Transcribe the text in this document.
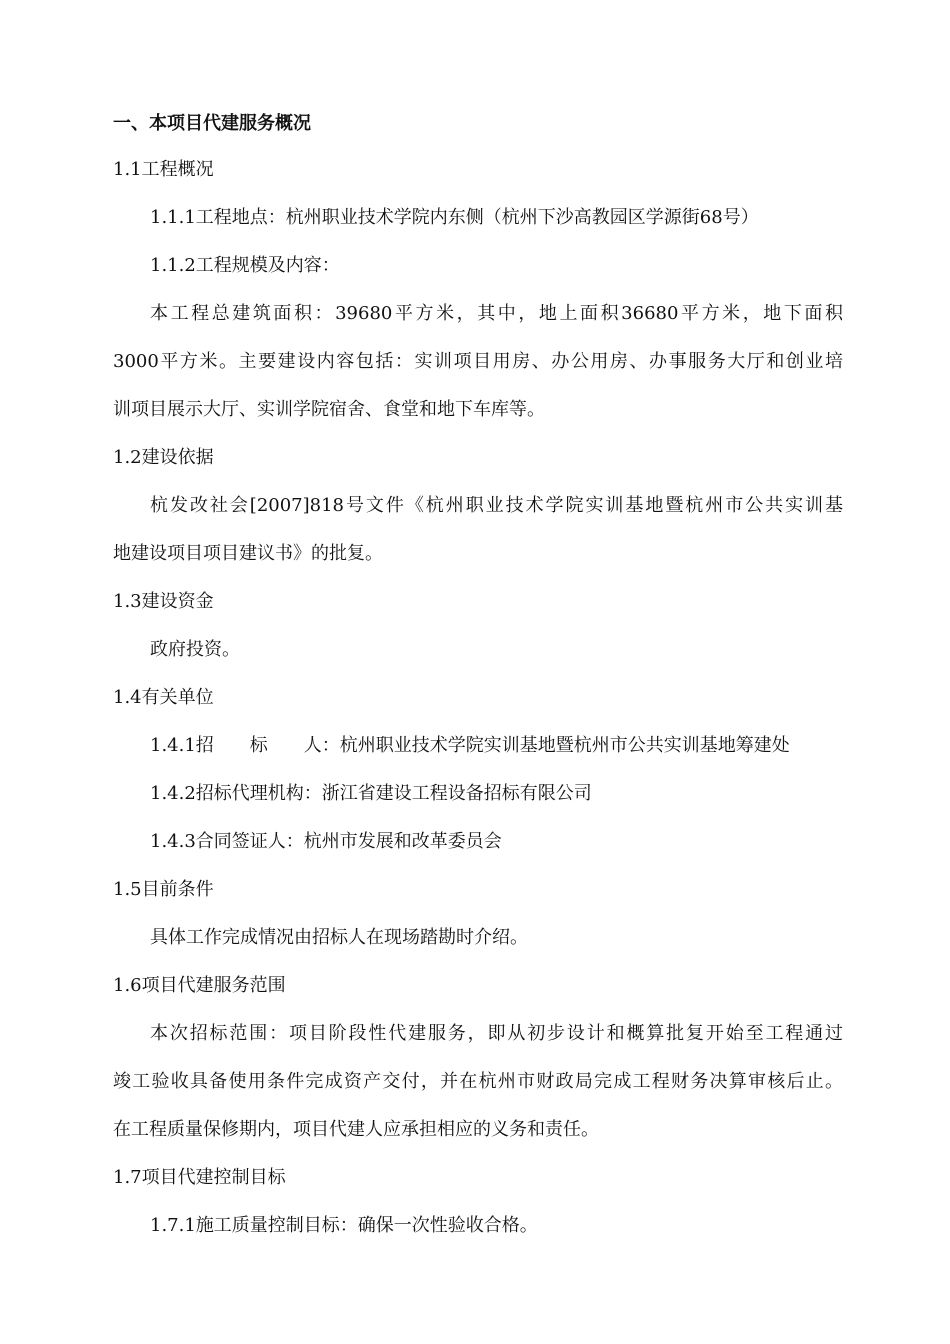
一、本项目代建服务概况
1.1工程概况
1.1.1工程地点：杭州职业技术学院内东侧（杭州下沙高教园区学源街68号）
1.1.2工程规模及内容：
本工程总建筑面积：39680平方米，其中，地上面积36680平方米，地下面积
3000平方米。主要建设内容包括：实训项目用房、办公用房、办事服务大厅和创业培
训项目展示大厅、实训学院宿舍、食堂和地下车库等。
1.2建设依据
杭发改社会[2007]818号文件《杭州职业技术学院实训基地暨杭州市公共实训基
地建设项目项目建议书》的批复。
1.3建设资金
政府投资。
1.4有关单位
1.4.1招　　标　　人：杭州职业技术学院实训基地暨杭州市公共实训基地筹建处
1.4.2招标代理机构：浙江省建设工程设备招标有限公司
1.4.3合同签证人：杭州市发展和改革委员会
1.5目前条件
具体工作完成情况由招标人在现场踏勘时介绍。
1.6项目代建服务范围
本次招标范围：项目阶段性代建服务，即从初步设计和概算批复开始至工程通过
竣工验收具备使用条件完成资产交付，并在杭州市财政局完成工程财务决算审核后止。
在工程质量保修期内，项目代建人应承担相应的义务和责任。
1.7项目代建控制目标
1.7.1施工质量控制目标：确保一次性验收合格。
